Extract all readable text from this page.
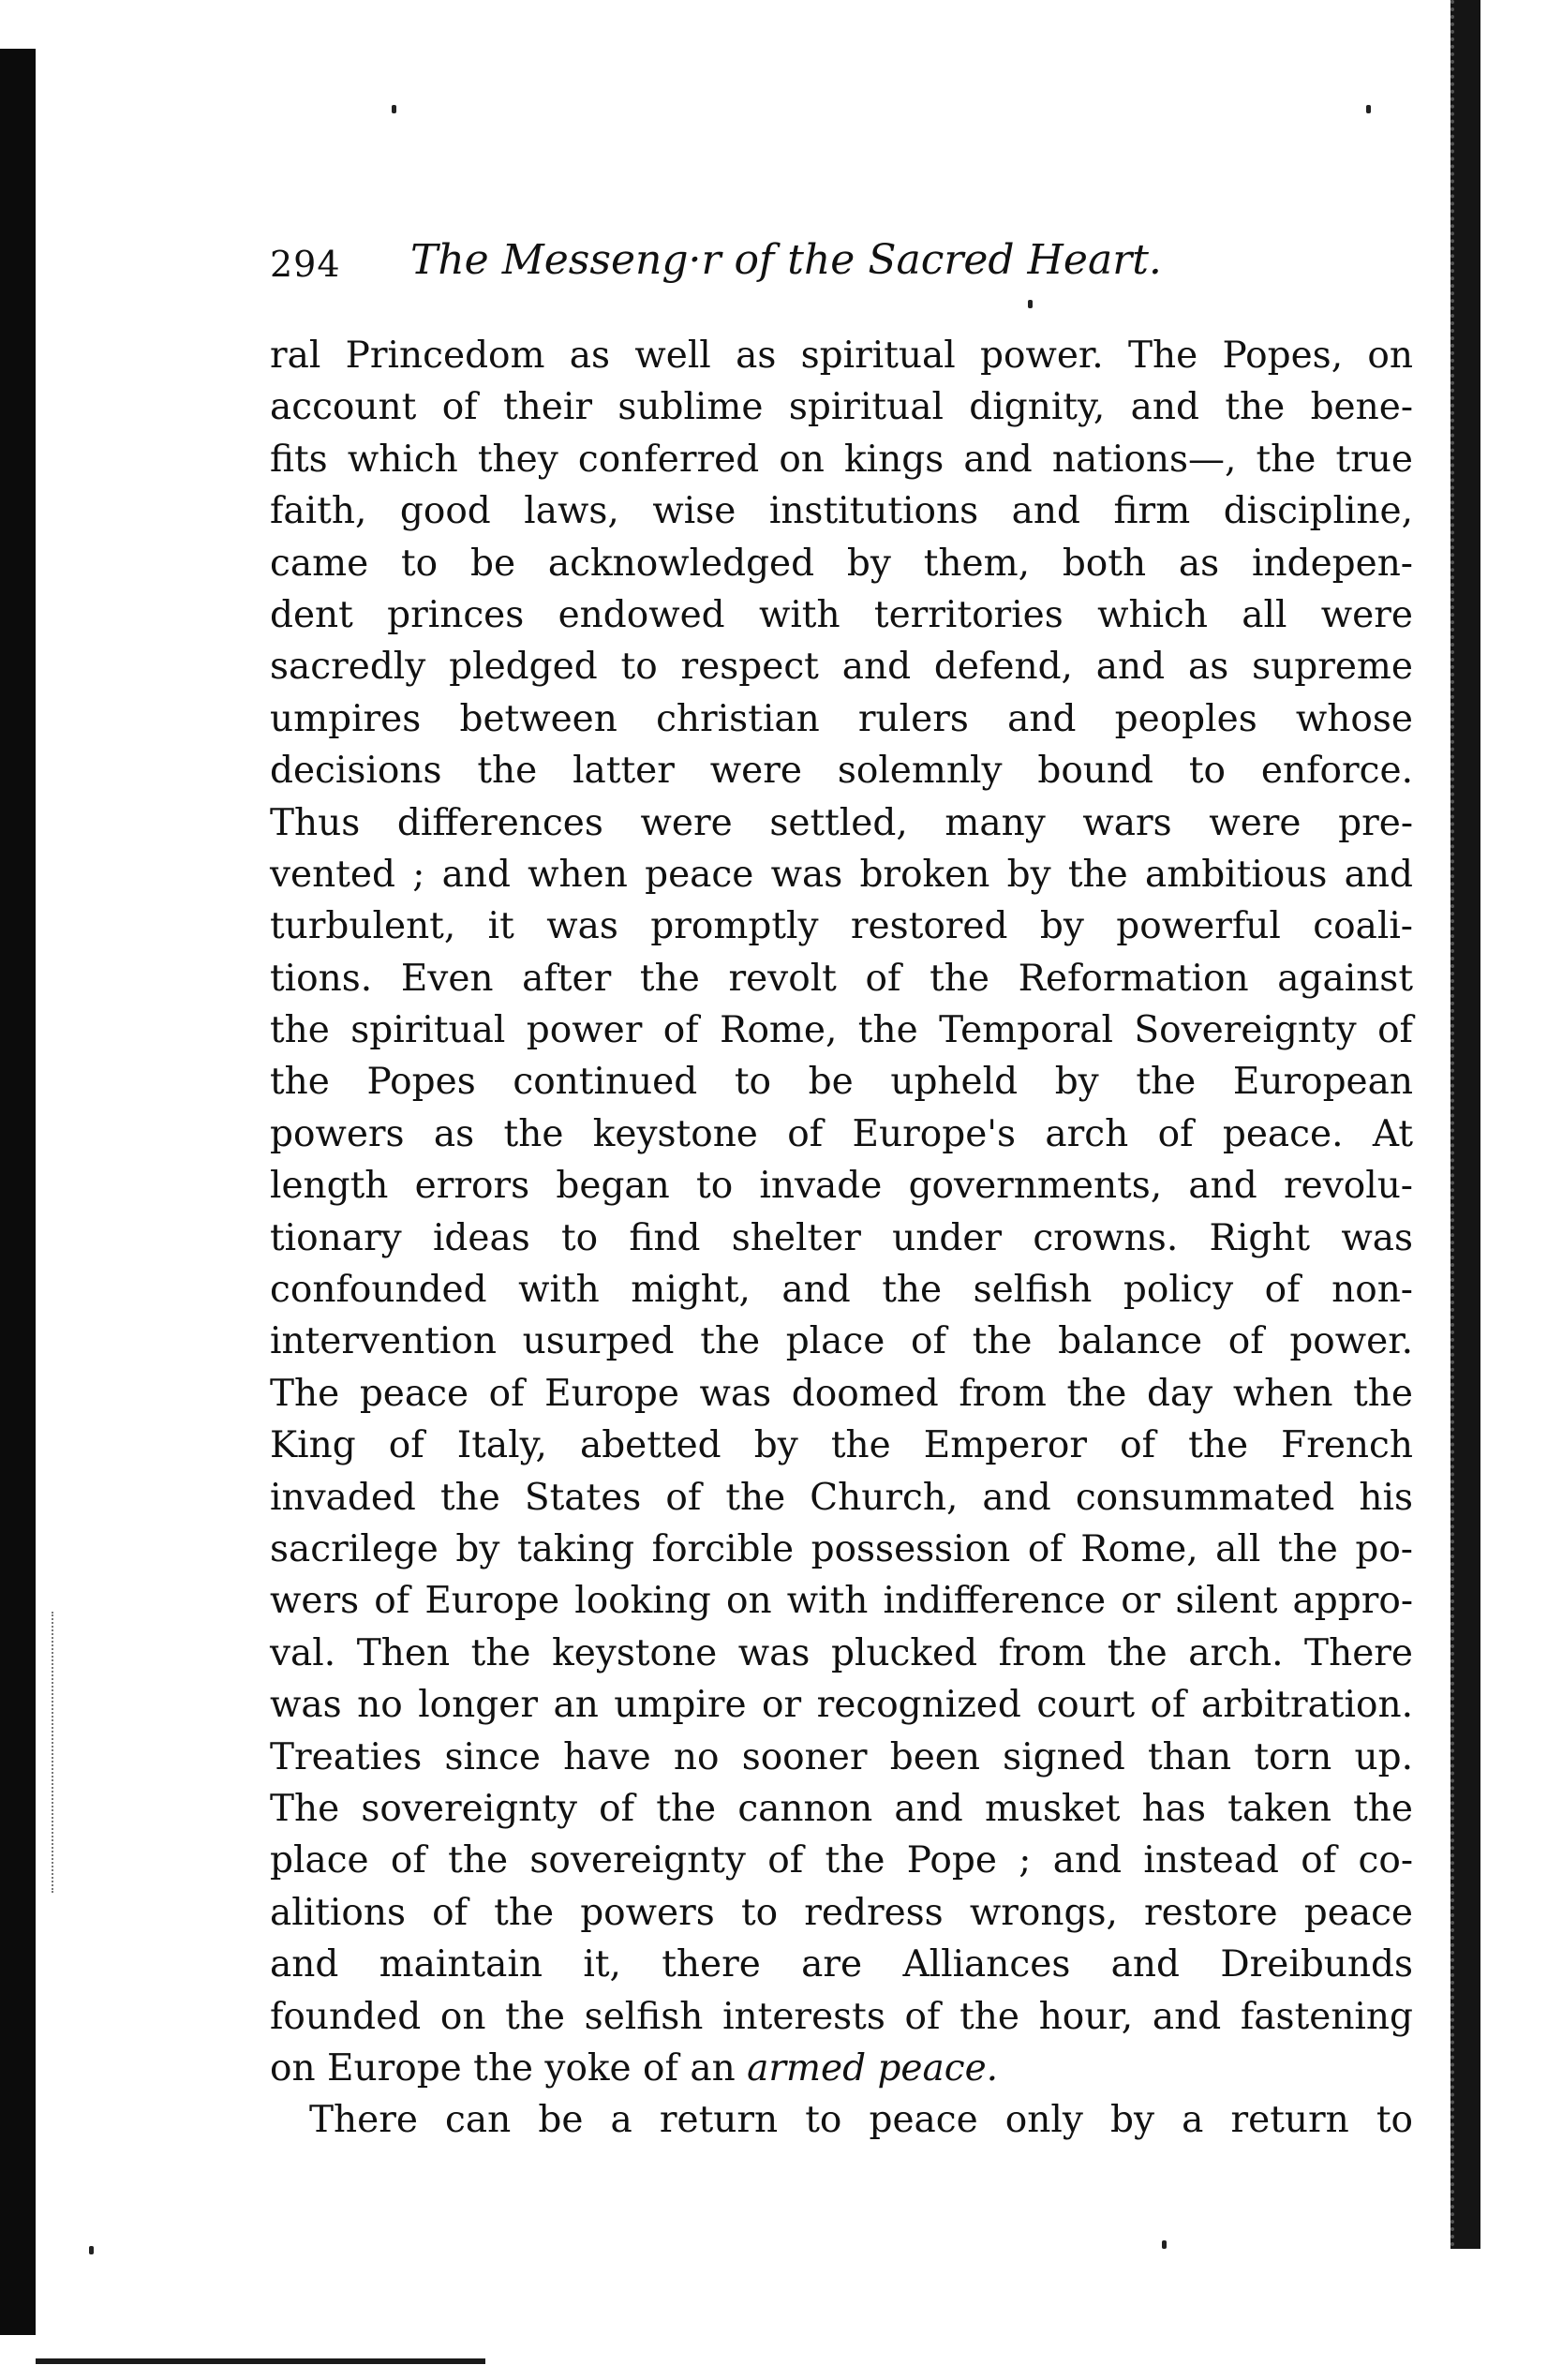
294 The Messeng·r of the Sacred Heart.
ral Princedom as well as spiritual power. The Popes, on
account of their sublime spiritual dignity, and the bene-
fits which they conferred on kings and nations—, the true
faith, good laws, wise institutions and firm discipline,
came to be acknowledged by them, both as indepen-
dent princes endowed with territories which all were
sacredly pledged to respect and defend, and as supreme
umpires between christian rulers and peoples whose
decisions the latter were solemnly bound to enforce.
Thus differences were settled, many wars were pre-
vented ; and when peace was broken by the ambitious and
turbulent, it was promptly restored by powerful coali-
tions. Even after the revolt of the Reformation against
the spiritual power of Rome, the Temporal Sovereignty of
the Popes continued to be upheld by the European
powers as the keystone of Europe's arch of peace. At
length errors began to invade governments, and revolu-
tionary ideas to find shelter under crowns. Right was
confounded with might, and the selfish policy of non-
intervention usurped the place of the balance of power.
The peace of Europe was doomed from the day when the
King of Italy, abetted by the Emperor of the French
invaded the States of the Church, and consummated his
sacrilege by taking forcible possession of Rome, all the po-
wers of Europe looking on with indifference or silent appro-
val. Then the keystone was plucked from the arch. There
was no longer an umpire or recognized court of arbitration.
Treaties since have no sooner been signed than torn up.
The sovereignty of the cannon and musket has taken the
place of the sovereignty of the Pope ; and instead of co-
alitions of the powers to redress wrongs, restore peace
and maintain it, there are Alliances and Dreibunds
founded on the selfish interests of the hour, and fastening
on Europe the yoke of an armed peace.
There can be a return to peace only by a return to
